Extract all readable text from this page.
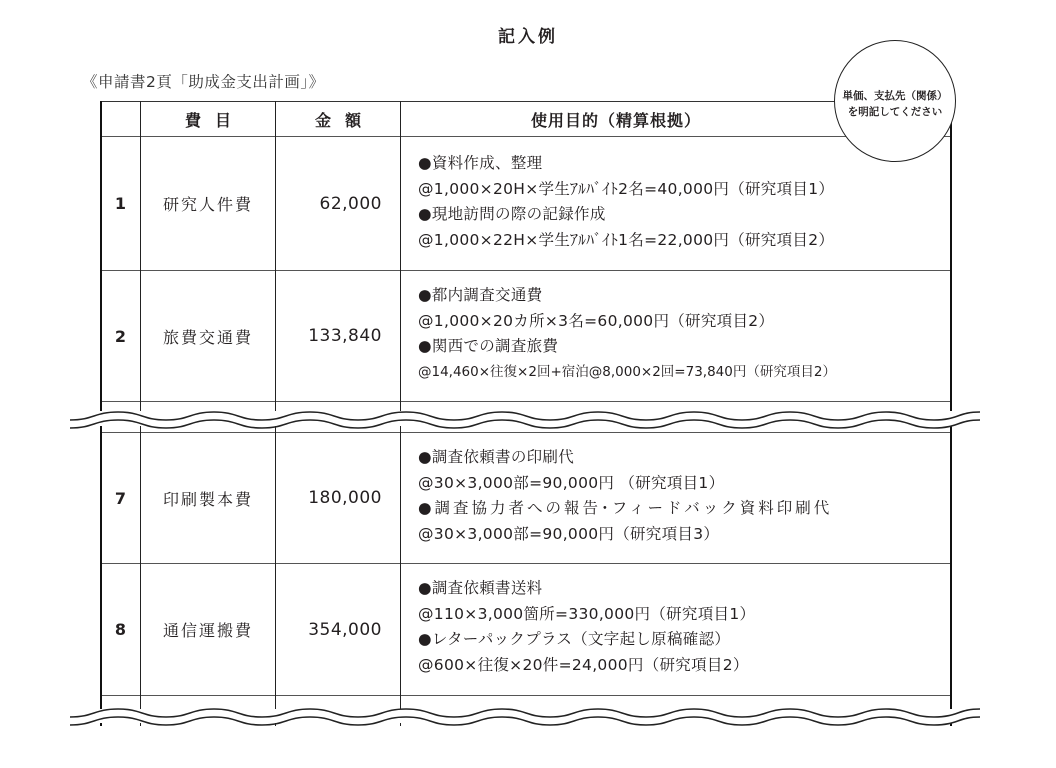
記入例
《申請書2頁「助成金支出計画」》
単価、支払先（関係）
を明記してください
費目	金額	使用目的（精算根拠）
1	研究人件費	62,000
●資料作成、整理
@1,000×20H×学生ｱﾙﾊﾞｲﾄ2名=40,000円（研究項目1）
●現地訪問の際の記録作成
@1,000×22H×学生ｱﾙﾊﾞｲﾄ1名=22,000円（研究項目2）
2	旅費交通費	133,840
●都内調査交通費
@1,000×20カ所×3名=60,000円（研究項目2）
●関西での調査旅費
@14,460×往復×2回+宿泊@8,000×2回=73,840円（研究項目2）
7	印刷製本費	180,000
●調査依頼書の印刷代
@30×3,000部=90,000円 （研究項目1）
●調査協力者への報告･フィードバック資料印刷代
@30×3,000部=90,000円（研究項目3）
8	通信運搬費	354,000
●調査依頼書送料
@110×3,000箇所=330,000円（研究項目1）
●レターパックプラス（文字起し原稿確認）
@600×往復×20件=24,000円（研究項目2）
